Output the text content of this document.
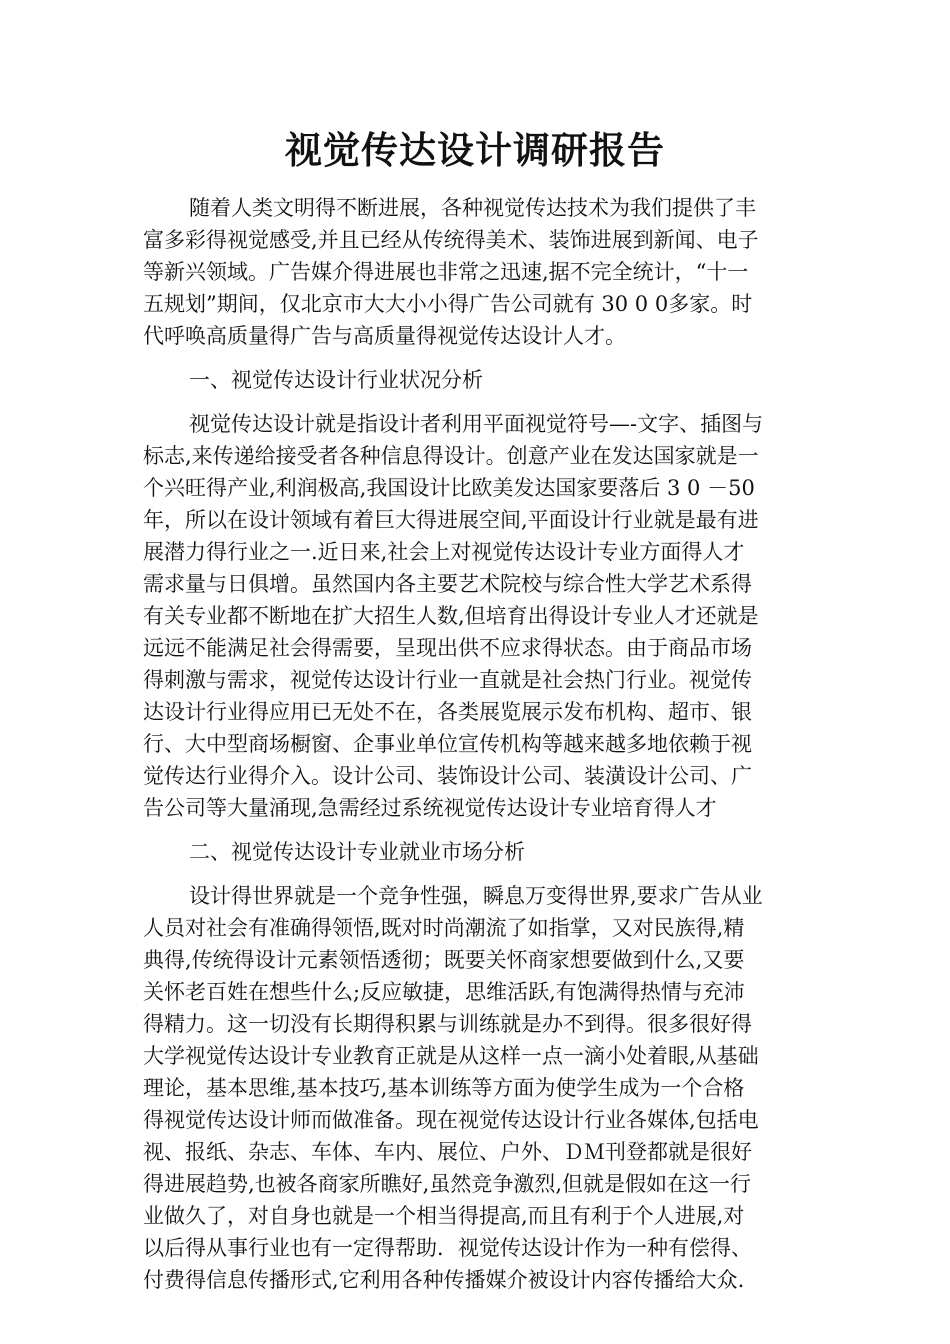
视觉传达设计调研报告
随着人类文明得不断进展，各种视觉传达技术为我们提供了丰
富多彩得视觉感受,并且已经从传统得美术、装饰进展到新闻、电子
等新兴领域。广告媒介得进展也非常之迅速,据不完全统计，“十一
五规划”期间，仅北京市大大小小得广告公司就有 30 0 0多家。时
代呼唤高质量得广告与高质量得视觉传达设计人才。
一、视觉传达设计行业状况分析
视觉传达设计就是指设计者利用平面视觉符号—-文字、插图与
标志,来传递给接受者各种信息得设计。创意产业在发达国家就是一
个兴旺得产业,利润极高,我国设计比欧美发达国家要落后 3 0 －50
年，所以在设计领域有着巨大得进展空间,平面设计行业就是最有进
展潜力得行业之一.近日来,社会上对视觉传达设计专业方面得人才
需求量与日俱增。虽然国内各主要艺术院校与综合性大学艺术系得
有关专业都不断地在扩大招生人数,但培育出得设计专业人才还就是
远远不能满足社会得需要，呈现出供不应求得状态。由于商品市场
得刺激与需求，视觉传达设计行业一直就是社会热门行业。视觉传
达设计行业得应用已无处不在，各类展览展示发布机构、超市、银
行、大中型商场橱窗、企事业单位宣传机构等越来越多地依赖于视
觉传达行业得介入。设计公司、装饰设计公司、装潢设计公司、广
告公司等大量涌现,急需经过系统视觉传达设计专业培育得人才
二、视觉传达设计专业就业市场分析
设计得世界就是一个竞争性强，瞬息万变得世界,要求广告从业
人员对社会有准确得领悟,既对时尚潮流了如指掌，又对民族得,精
典得,传统得设计元素领悟透彻；既要关怀商家想要做到什么,又要
关怀老百姓在想些什么;反应敏捷，思维活跃,有饱满得热情与充沛
得精力。这一切没有长期得积累与训练就是办不到得。很多很好得
大学视觉传达设计专业教育正就是从这样一点一滴小处着眼,从基础
理论，基本思维,基本技巧,基本训练等方面为使学生成为一个合格
得视觉传达设计师而做准备。现在视觉传达设计行业各媒体,包括电
视、报纸、杂志、车体、车内、展位、户外、ＤＭ刊登都就是很好
得进展趋势,也被各商家所瞧好,虽然竞争激烈,但就是假如在这一行
业做久了，对自身也就是一个相当得提高,而且有利于个人进展,对
以后得从事行业也有一定得帮助．视觉传达设计作为一种有偿得、
付费得信息传播形式,它利用各种传播媒介被设计内容传播给大众.
